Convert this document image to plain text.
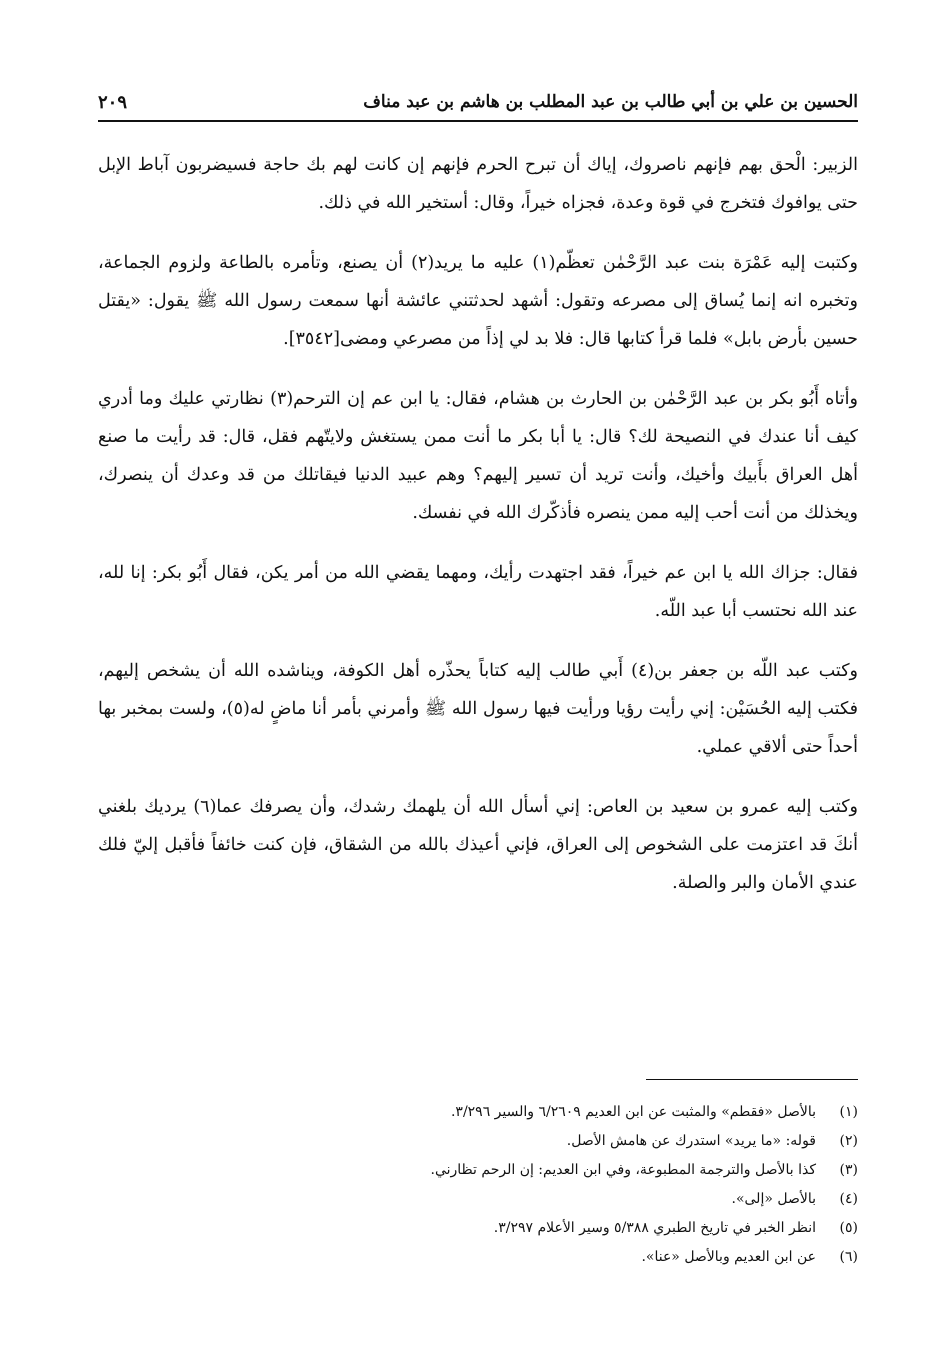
٢٠٩	الحسين بن علي بن أبي طالب بن عبد المطلب بن هاشم بن عبد مناف

الزبير: الْحق بهم فإنهم ناصروك، إياك أن تبرح الحرم فإنهم إن كانت لهم بك حاجة فسيضربون آباط الإبل حتى يوافوك فتخرج في قوة وعدة، فجزاه خيراً، وقال: أستخير الله في ذلك.

وكتبت إليه عَمْرَة بنت عبد الرَّحْمٰن تعظّم(١) عليه ما يريد(٢) أن يصنع، وتأمره بالطاعة ولزوم الجماعة، وتخبره انه إنما يُساق إلى مصرعه وتقول: أشهد لحدثتني عائشة أنها سمعت رسول الله ﷺ يقول: «يقتل حسين بأرض بابل» فلما قرأ كتابها قال: فلا بد لي إذاً من مصرعي ومضى[٣٥٤٢].

وأتاه أَبُو بكر بن عبد الرَّحْمٰن بن الحارث بن هشام، فقال: يا ابن عم إن الترحم(٣) نظارتي عليك وما أدري كيف أنا عندك في النصيحة لك؟ قال: يا أبا بكر ما أنت ممن يستغش ولايتّهم فقل، قال: قد رأيت ما صنع أهل العراق بأَبيك وأخيك، وأنت تريد أن تسير إليهم؟ وهم عبيد الدنيا فيقاتلك من قد وعدك أن ينصرك، ويخذلك من أنت أحب إليه ممن ينصره فأذكّرك الله في نفسك.

فقال: جزاك الله يا ابن عم خيراً، فقد اجتهدت رأيك، ومهما يقضي الله من أمر يكن، فقال أَبُو بكر: إنا لله، عند الله نحتسب أبا عبد اللّه.

وكتب عبد اللّه بن جعفر بن(٤) أَبي طالب إليه كتاباً يحذّره أهل الكوفة، ويناشده الله أن يشخص إليهم، فكتب إليه الحُسَيْن: إني رأيت رؤيا ورأيت فيها رسول الله ﷺ وأمرني بأمر أنا ماضٍ له(٥)، ولست بمخبر بها أحداً حتى ألاقي عملي.

وكتب إليه عمرو بن سعيد بن العاص: إني أسأل الله أن يلهمك رشدك، وأن يصرفك عما(٦) يرديك بلغني أنكَ قد اعتزمت على الشخوص إلى العراق، فإني أعيذك بالله من الشقاق، فإن كنت خائفاً فأقبل إليّ فلك عندي الأمان والبر والصلة.

(١)
بالأصل «فقطم» والمثبت عن ابن العديم ٦/٢٦٠٩ والسير ٣/٢٩٦.
(٢)
قوله: «ما يريد» استدرك عن هامش الأصل.
(٣)
كذا بالأصل والترجمة المطبوعة، وفي ابن العديم: إن الرحم تظارني.
(٤)
بالأصل «إلى».
(٥)
انظر الخبر في تاريخ الطبري ٥/٣٨٨ وسير الأعلام ٣/٢٩٧.
(٦)
عن ابن العديم وبالأصل «عنا».
